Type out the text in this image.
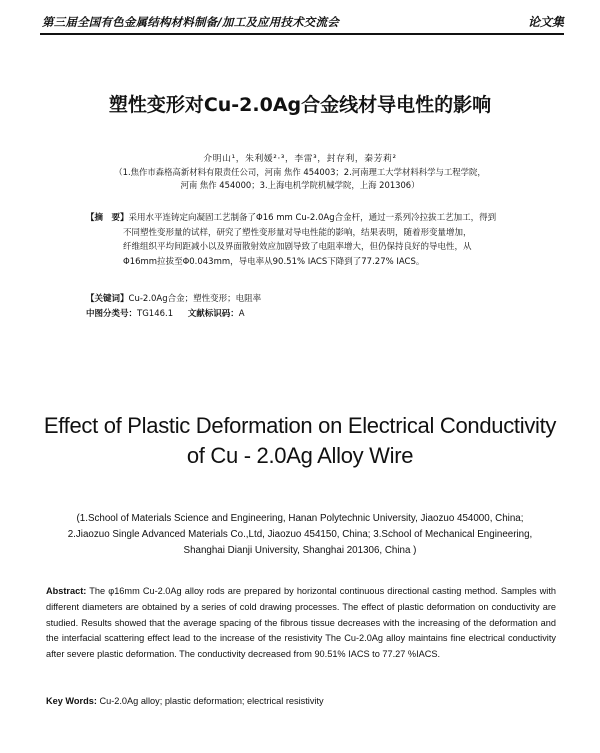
第三届全国有色金属结构材料制备/加工及应用技术交流会	论文集
塑性变形对Cu-2.0Ag合金线材导电性的影响
介明山¹，朱利媛²·³，李雷³，封存利，秦芳莉²
（1.焦作市森格高新材料有限责任公司，河南 焦作 454003；2.河南理工大学材料科学与工程学院，
河南 焦作 454000；3.上海电机学院机械学院，上海 201306）
【摘　要】采用水平连铸定向凝固工艺制备了Φ16 mm Cu-2.0Ag合金杆，通过一系列冷拉拔工艺加工，得到
不同塑性变形量的试样，研究了塑性变形量对导电性能的影响，结果表明，随着形变量增加，
纤维组织平均间距减小以及界面散射效应加剧导致了电阻率增大，但仍保持良好的导电性，从
Φ16mm拉拔至Φ0.043mm，导电率从90.51% IACS下降到了77.27% IACS。
【关键词】Cu-2.0Ag合金；塑性变形；电阻率
中图分类号：TG146.1 文献标识码：A
Effect of Plastic Deformation on Electrical Conductivity
of Cu - 2.0Ag Alloy Wire
(1.School of Materials Science and Engineering, Hanan Polytechnic University, Jiaozuo 454000, China;
2.Jiaozuo Single Advanced Materials Co.,Ltd, Jiaozuo 454150, China; 3.School of Mechanical Engineering,
Shanghai Dianji University, Shanghai 201306, China )
Abstract: The φ16mm Cu-2.0Ag alloy rods are prepared by horizontal continuous directional casting method. Samples with different diameters are obtained by a series of cold drawing processes. The effect of plastic deformation on conductivity are studied. Results showed that the average spacing of the fibrous tissue decreases with the increasing of the deformation and the interfacial scattering effect lead to the increase of the resistivity The Cu-2.0Ag alloy maintains fine electrical conductivity after severe plastic deformation. The conductivity decreased from 90.51% IACS to 77.27 %IACS.
Key Words: Cu-2.0Ag alloy; plastic deformation; electrical resistivity
